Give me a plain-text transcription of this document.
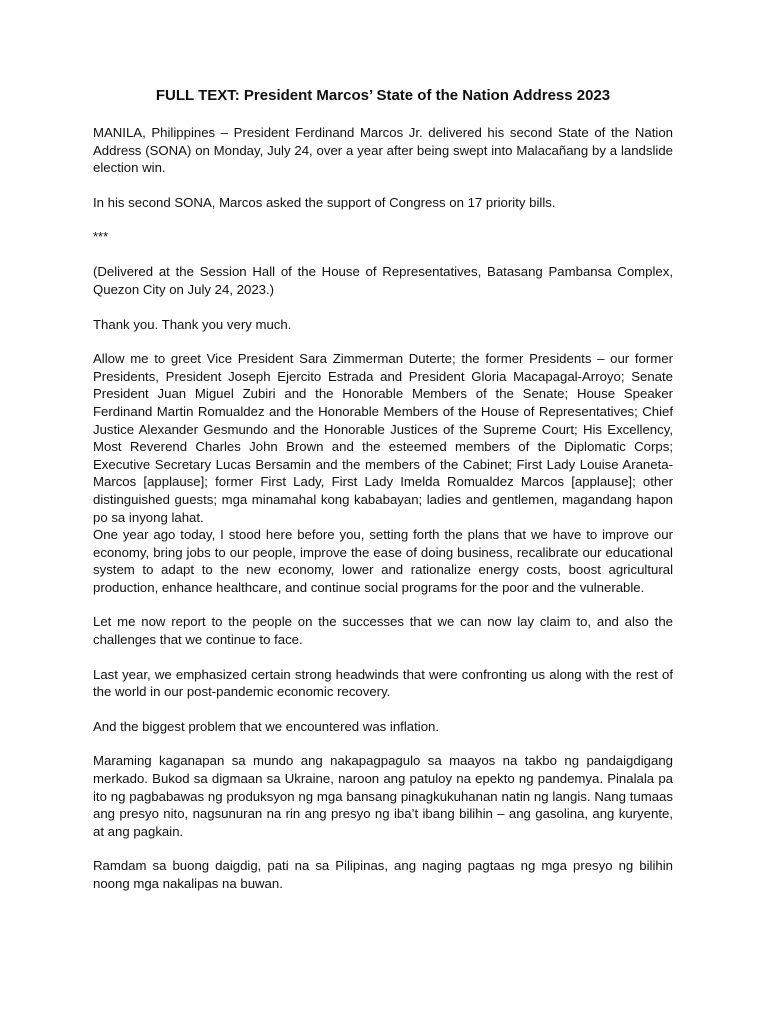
FULL TEXT: President Marcos’ State of the Nation Address 2023

MANILA, Philippines – President Ferdinand Marcos Jr. delivered his second State of the Nation Address (SONA) on Monday, July 24, over a year after being swept into Malacañang by a landslide election win.

In his second SONA, Marcos asked the support of Congress on 17 priority bills.

***

(Delivered at the Session Hall of the House of Representatives, Batasang Pambansa Complex, Quezon City on July 24, 2023.)

Thank you. Thank you very much.

Allow me to greet Vice President Sara Zimmerman Duterte; the former Presidents – our former Presidents, President Joseph Ejercito Estrada and President Gloria Macapagal-Arroyo; Senate President Juan Miguel Zubiri and the Honorable Members of the Senate; House Speaker Ferdinand Martin Romualdez and the Honorable Members of the House of Representatives; Chief Justice Alexander Gesmundo and the Honorable Justices of the Supreme Court; His Excellency, Most Reverend Charles John Brown and the esteemed members of the Diplomatic Corps; Executive Secretary Lucas Bersamin and the members of the Cabinet; First Lady Louise Araneta-Marcos [applause]; former First Lady, First Lady Imelda Romualdez Marcos [applause]; other distinguished guests; mga minamahal kong kababayan; ladies and gentlemen, magandang hapon po sa inyong lahat.

One year ago today, I stood here before you, setting forth the plans that we have to improve our economy, bring jobs to our people, improve the ease of doing business, recalibrate our educational system to adapt to the new economy, lower and rationalize energy costs, boost agricultural production, enhance healthcare, and continue social programs for the poor and the vulnerable.

Let me now report to the people on the successes that we can now lay claim to, and also the challenges that we continue to face.

Last year, we emphasized certain strong headwinds that were confronting us along with the rest of the world in our post-pandemic economic recovery.

And the biggest problem that we encountered was inflation.

Maraming kaganapan sa mundo ang nakapagpagulo sa maayos na takbo ng pandaigdigang merkado. Bukod sa digmaan sa Ukraine, naroon ang patuloy na epekto ng pandemya. Pinalala pa ito ng pagbabawas ng produksyon ng mga bansang pinagkukuhanan natin ng langis. Nang tumaas ang presyo nito, nagsunuran na rin ang presyo ng iba’t ibang bilihin – ang gasolina, ang kuryente, at ang pagkain.

Ramdam sa buong daigdig, pati na sa Pilipinas, ang naging pagtaas ng mga presyo ng bilihin noong mga nakalipas na buwan.
